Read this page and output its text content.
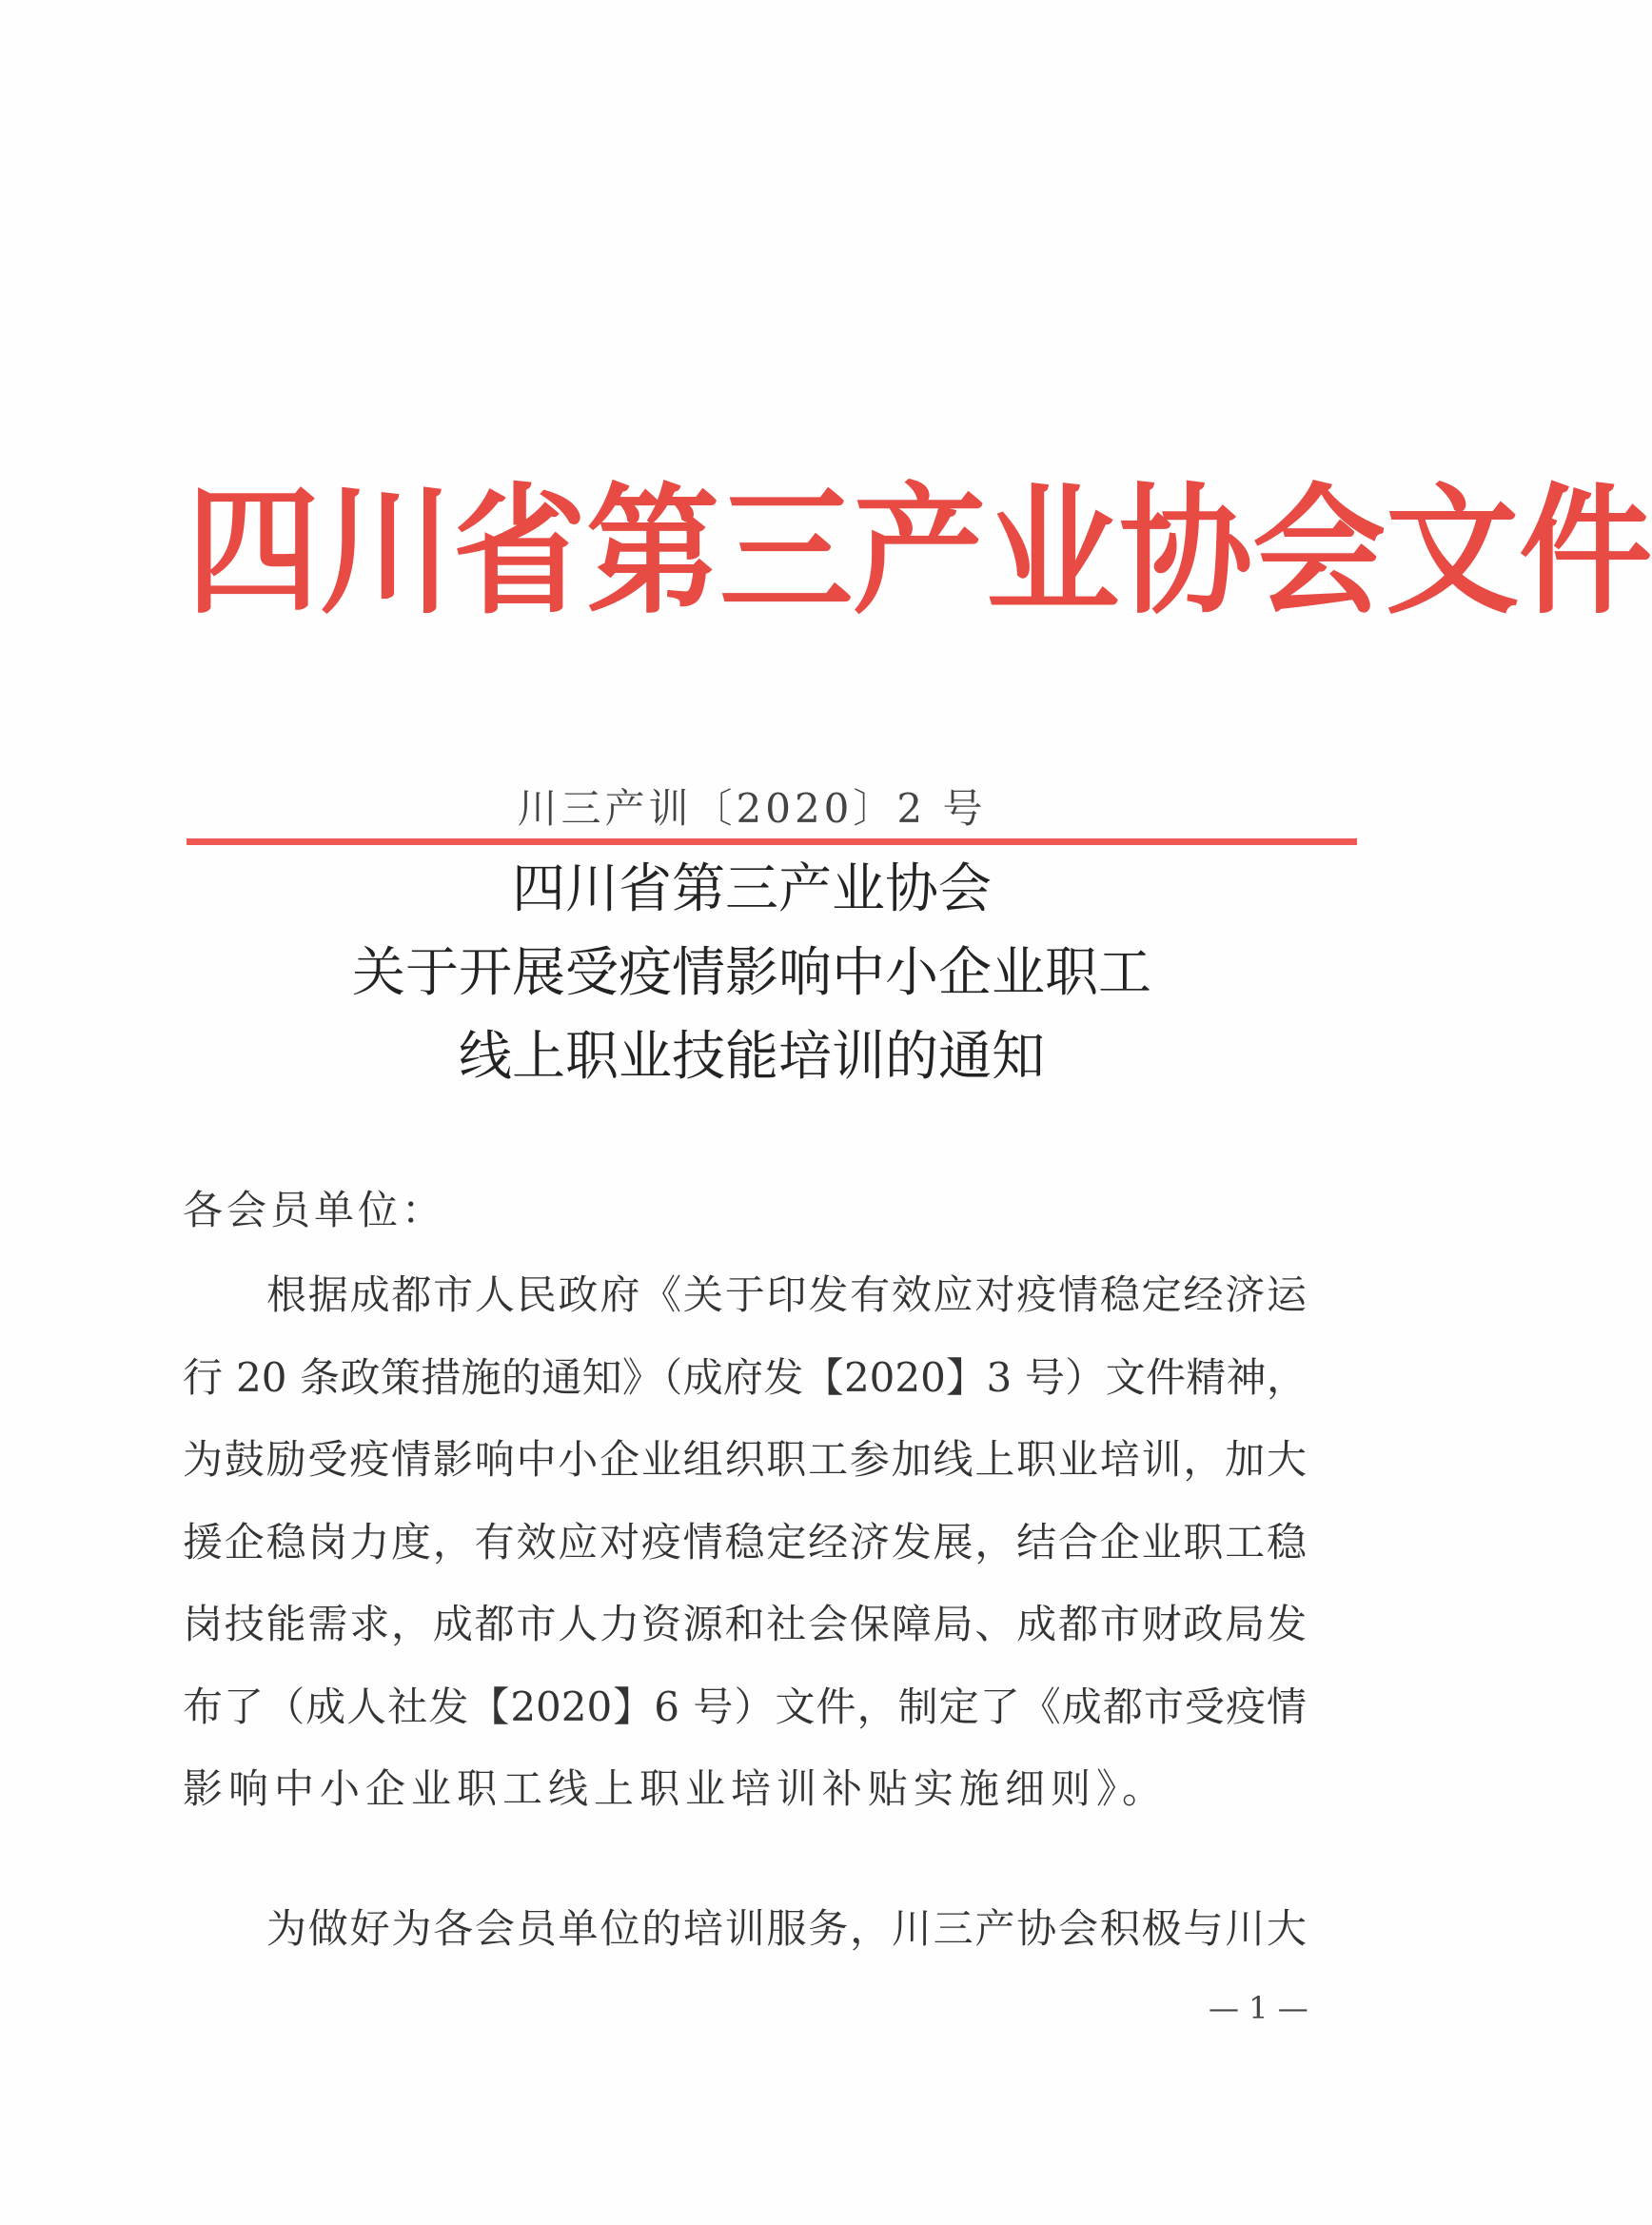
四 川 省 第 三 产 业 协 会 文 件
川三产训〔2020〕2 号
四川省第三产业协会
关于开展受疫情影响中小企业职工
线上职业技能培训的通知
各会员单位：
根据成都市人民政府《关于印发有效应对疫情稳定经济运
行 20 条政策措施的通知》（成府发【2020】3 号）文件精神，
为鼓励受疫情影响中小企业组织职工参加线上职业培训，加大
援企稳岗力度，有效应对疫情稳定经济发展，结合企业职工稳
岗技能需求，成都市人力资源和社会保障局、成都市财政局发
布了（成人社发【2020】6 号）文件，制定了《成都市受疫情
影响中小企业职工线上职业培训补贴实施细则》。
为做好为各会员单位的培训服务，川三产协会积极与川大
— 1 —
